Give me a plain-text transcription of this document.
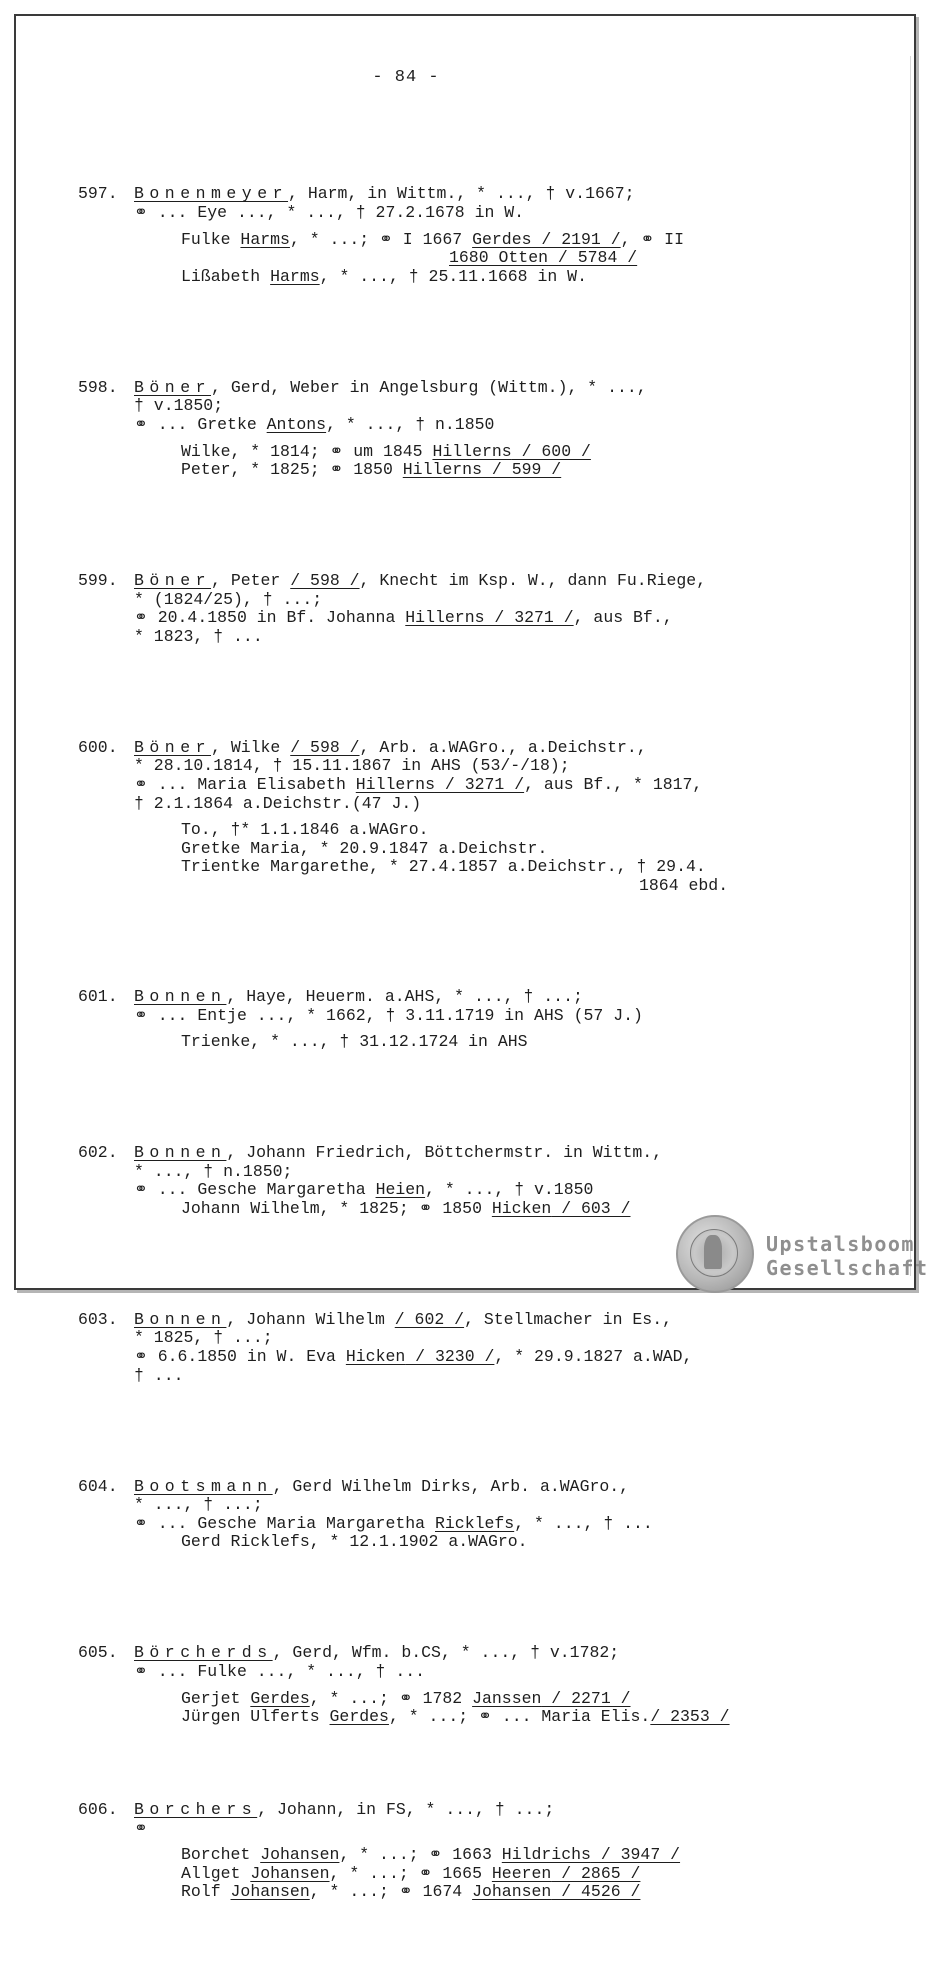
- 84 -

597. Bonenmeyer, Harm, in Wittm., * ..., † v.1667;
⚭ ... Eye ..., * ..., † 27.2.1678 in W.
Fulke Harms, * ...; ⚭ I 1667 Gerdes / 2191 /, ⚭ II
1680 Otten / 5784 /
Lißabeth Harms, * ..., † 25.11.1668 in W.

598. Böner, Gerd, Weber in Angelsburg (Wittm.), * ...,
† v.1850;
⚭ ... Gretke Antons, * ..., † n.1850
Wilke, * 1814; ⚭ um 1845 Hillerns / 600 /
Peter, * 1825; ⚭ 1850 Hillerns / 599 /

599. Böner, Peter / 598 /, Knecht im Ksp. W., dann Fu.Riege,
* (1824/25), † ...;
⚭ 20.4.1850 in Bf. Johanna Hillerns / 3271 /, aus Bf.,
* 1823, † ...

600. Böner, Wilke / 598 /, Arb. a.WAGro., a.Deichstr.,
* 28.10.1814, † 15.11.1867 in AHS (53/-/18);
⚭ ... Maria Elisabeth Hillerns / 3271 /, aus Bf., * 1817,
† 2.1.1864 a.Deichstr.(47 J.)
To., †* 1.1.1846 a.WAGro.
Gretke Maria, * 20.9.1847 a.Deichstr.
Trientke Margarethe, * 27.4.1857 a.Deichstr., † 29.4.
1864 ebd.

601. Bonnen, Haye, Heuerm. a.AHS, * ..., † ...;
⚭ ... Entje ..., * 1662, † 3.11.1719 in AHS (57 J.)
Trienke, * ..., † 31.12.1724 in AHS

602. Bonnen, Johann Friedrich, Böttchermstr. in Wittm.,
* ..., † n.1850;
⚭ ... Gesche Margaretha Heien, * ..., † v.1850
Johann Wilhelm, * 1825; ⚭ 1850 Hicken / 603 /

603. Bonnen, Johann Wilhelm / 602 /, Stellmacher in Es.,
* 1825, † ...;
⚭ 6.6.1850 in W. Eva Hicken / 3230 /, * 29.9.1827 a.WAD,
† ...

604. Bootsmann, Gerd Wilhelm Dirks, Arb. a.WAGro.,
* ..., † ...;
⚭ ... Gesche Maria Margaretha Ricklefs, * ..., † ...
Gerd Ricklefs, * 12.1.1902 a.WAGro.

605. Börcherds, Gerd, Wfm. b.CS, * ..., † v.1782;
⚭ ... Fulke ..., * ..., † ...
Gerjet Gerdes, * ...; ⚭ 1782 Janssen / 2271 /
Jürgen Ulferts Gerdes, * ...; ⚭ ... Maria Elis./ 2353 /

606. Borchers, Johann, in FS, * ..., † ...;
⚭
Borchet Johansen, * ...; ⚭ 1663 Hildrichs / 3947 /
Allget Johansen, * ...; ⚭ 1665 Heeren / 2865 /
Rolf Johansen, * ...; ⚭ 1674 Johansen / 4526 /

Upstalsboom
Gesellschaft
